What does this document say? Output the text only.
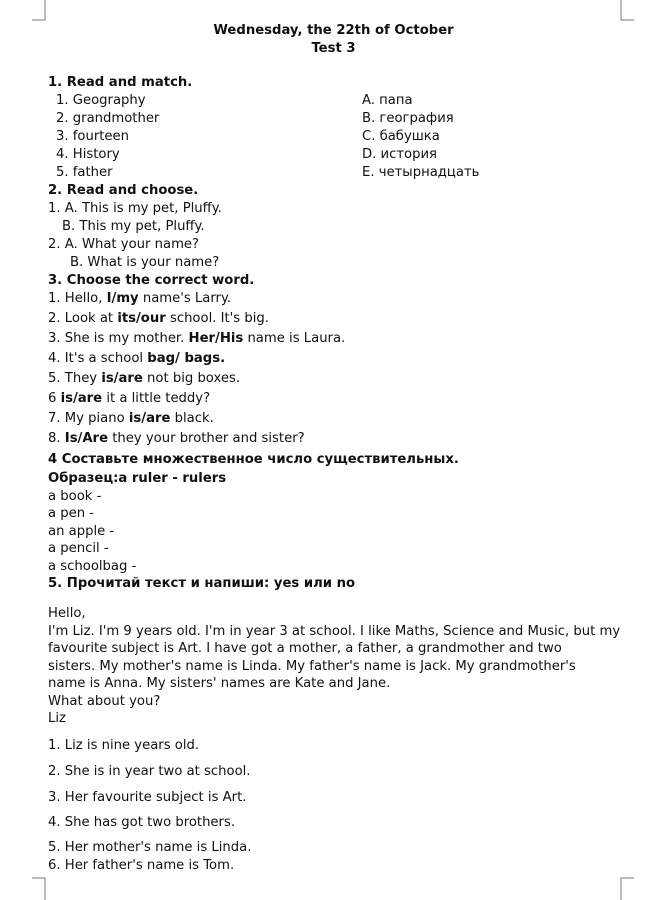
Wednesday, the 22th of October
Test 3
1. Read and match.
1. Geography
2. grandmother
3. fourteen
4. History
5. father
A. папа
B. география
C. бабушка
D. история
E. четырнадцать
2. Read and choose.
1. A. This is my pet, Pluffy.
B. This my pet, Pluffy.
2. A. What your name?
B. What is your name?
3. Choose the correct word.
1. Hello, I/my name's Larry.
2. Look at its/our school. It's big.
3. She is my mother. Her/His name is Laura.
4. It's a school bag/ bags.
5. They is/are not big boxes.
6 is/are it a little teddy?
7. My piano is/are black.
8. Is/Are they your brother and sister?
4 Составьте множественное число существительных.
Образец:a ruler - rulers
a book -
a pen -
an apple -
a pencil -
a schoolbag -
5. Прочитай текст и напиши: yes или no
Hello,
I'm Liz. I'm 9 years old. I'm in year 3 at school. I like Maths, Science and Music, but my
favourite subject is Art. I have got a mother, a father, a grandmother and two
sisters. My mother's name is Linda. My father's name is Jack. My grandmother's
name is Anna. My sisters' names are Kate and Jane.
What about you?
Liz
1. Liz is nine years old.
2. She is in year two at school.
3. Her favourite subject is Art.
4. She has got two brothers.
5. Her mother's name is Linda.
6. Her father's name is Tom.
